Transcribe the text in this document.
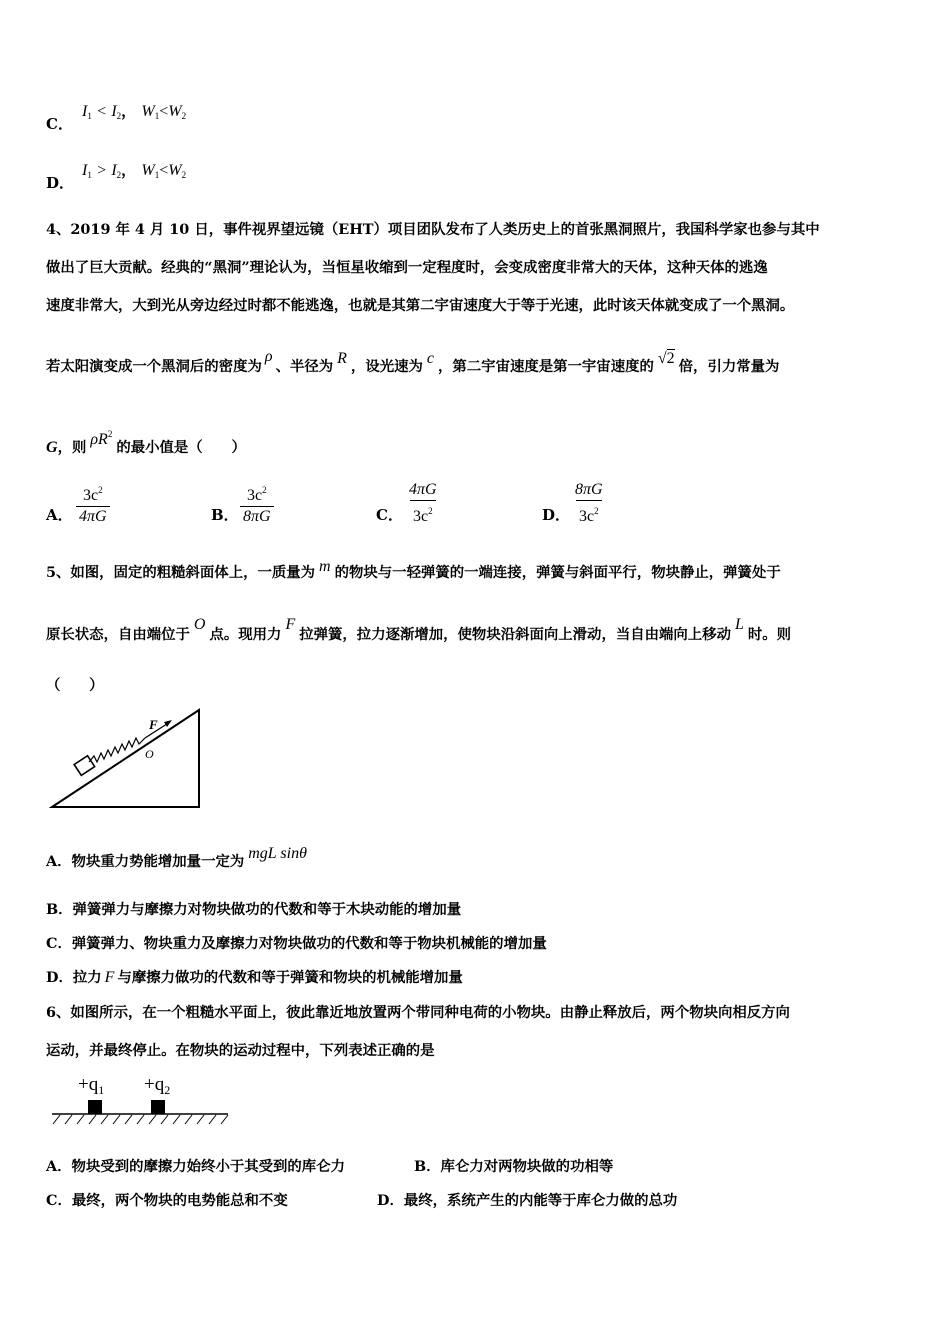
C．
$I_1 < I_2$， $W_1<W_2$
D．
$I_1 > I_2$， $W_1<W_2$
4、2019 年 4 月 10 日，事件视界望远镜（EHT）项目团队发布了人类历史上的首张黑洞照片，我国科学家也参与其中
做出了巨大贡献。经典的“黑洞”理论认为，当恒星收缩到一定程度时，会变成密度非常大的天体，这种天体的逃逸
速度非常大，大到光从旁边经过时都不能逃逸，也就是其第二宇宙速度大于等于光速，此时该天体就变成了一个黑洞。
若太阳演变成一个黑洞后的密度为ρ、半径为 R ，设光速为 c ，第二宇宙速度是第一宇宙速度的 √2 倍，引力常量为
G，则 $\rho R^2$的最小值是（　　）
A． $\frac{3c^2}{4\pi G}$	B． $\frac{3c^2}{8\pi G}$	C． $\frac{4\pi G}{3c^2}$	D． $\frac{8\pi G}{3c^2}$
5、如图，固定的粗糙斜面体上，一质量为 m 的物块与一轻弹簧的一端连接，弹簧与斜面平行，物块静止，弹簧处于
原长状态，自由端位于O点。现用力F拉弹簧，拉力逐渐增加，使物块沿斜面向上滑动，当自由端向上移动L时。则
（　　）
F
O
A．物块重力势能增加量一定为 mgL sinθ
B．弹簧弹力与摩擦力对物块做功的代数和等于木块动能的增加量
C．弹簧弹力、物块重力及摩擦力对物块做功的代数和等于物块机械能的增加量
D．拉力 F 与摩擦力做功的代数和等于弹簧和物块的机械能增加量
6、如图所示，在一个粗糙水平面上，彼此靠近地放置两个带同种电荷的小物块。由静止释放后，两个物块向相反方向
运动，并最终停止。在物块的运动过程中，下列表述正确的是
$+q_1 +q_2$
A．物块受到的摩擦力始终小于其受到的库仑力	B．库仑力对两物块做的功相等
C．最终，两个物块的电势能总和不变	D．最终，系统产生的内能等于库仑力做的总功
